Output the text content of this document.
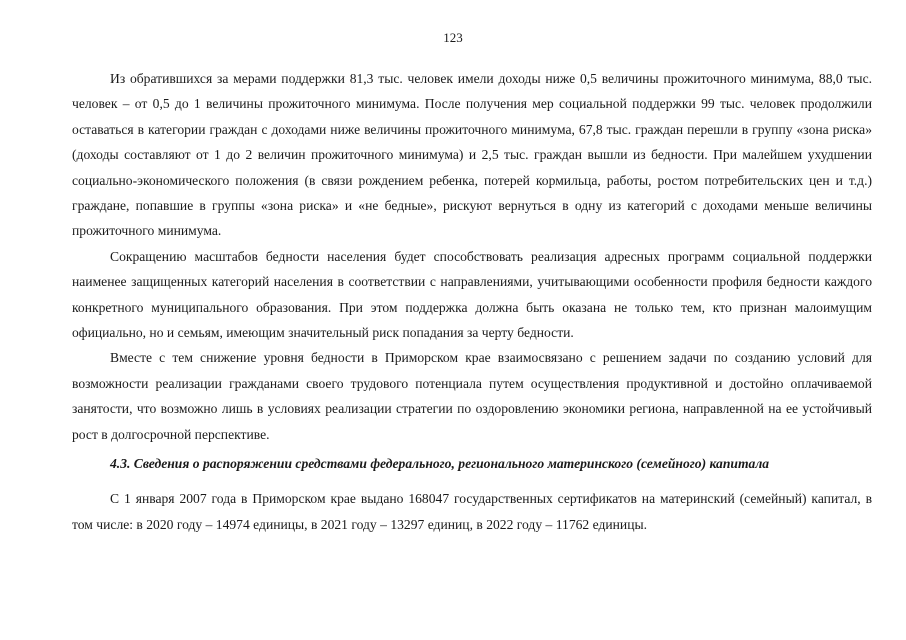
123

Из обратившихся за мерами поддержки 81,3 тыс. человек имели доходы ниже 0,5 величины прожиточного минимума, 88,0 тыс. человек – от 0,5 до 1 величины прожиточного минимума. После получения мер социальной поддержки 99 тыс. человек продолжили оставаться в категории граждан с доходами ниже величины прожиточного минимума, 67,8 тыс. граждан перешли в группу «зона риска» (доходы составляют от 1 до 2 величин прожиточного минимума) и 2,5 тыс. граждан вышли из бедности. При малейшем ухудшении социально-экономического положения (в связи рождением ребенка, потерей кормильца, работы, ростом потребительских цен и т.д.) граждане, попавшие в группы «зона риска» и «не бедные», рискуют вернуться в одну из категорий с доходами меньше величины прожиточного минимума.

Сокращению масштабов бедности населения будет способствовать реализация адресных программ социальной поддержки наименее защищенных категорий населения в соответствии с направлениями, учитывающими особенности профиля бедности каждого конкретного муниципального образования. При этом поддержка должна быть оказана не только тем, кто признан малоимущим официально, но и семьям, имеющим значительный риск попадания за черту бедности.

Вместе с тем снижение уровня бедности в Приморском крае взаимосвязано с решением задачи по созданию условий для возможности реализации гражданами своего трудового потенциала путем осуществления продуктивной и достойно оплачиваемой занятости, что возможно лишь в условиях реализации стратегии по оздоровлению экономики региона, направленной на ее устойчивый рост в долгосрочной перспективе.

4.3. Сведения о распоряжении средствами федерального, регионального материнского (семейного) капитала

С 1 января 2007 года в Приморском крае выдано 168047 государственных сертификатов на материнский (семейный) капитал, в том числе: в 2020 году – 14974 единицы, в 2021 году – 13297 единиц, в 2022 году – 11762 единицы.
